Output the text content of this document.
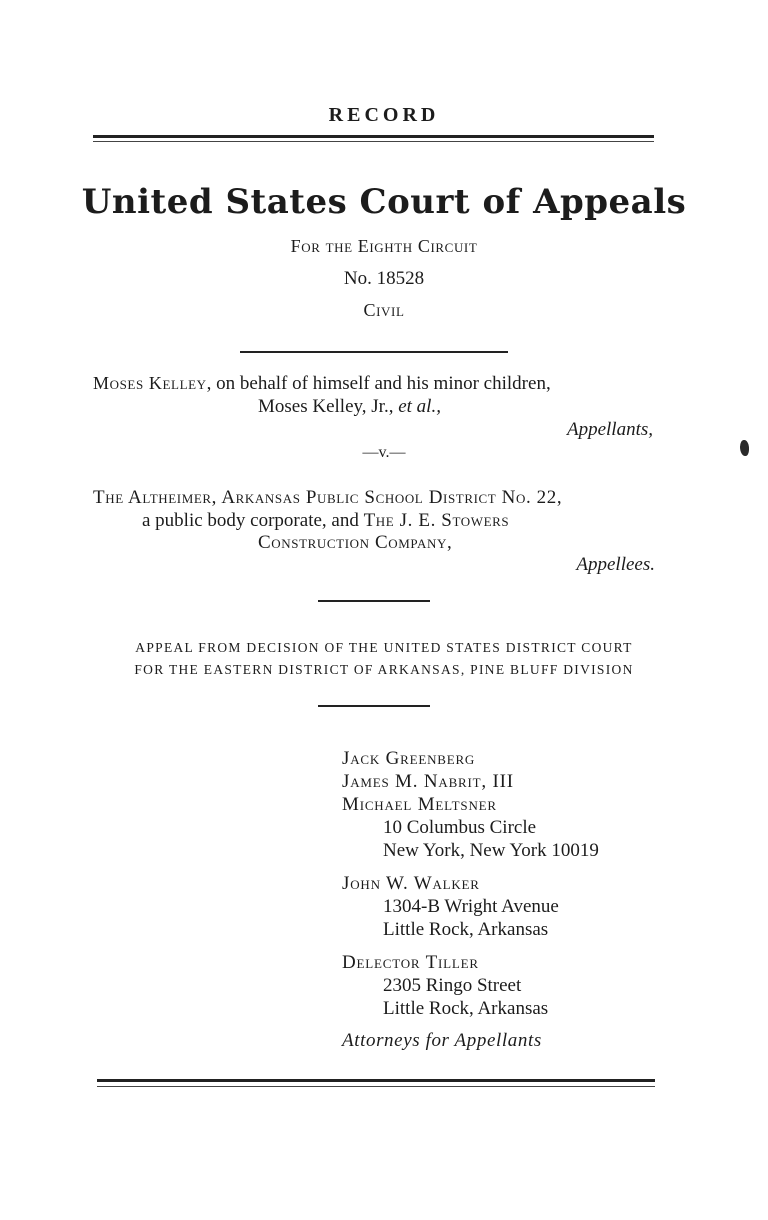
RECORD
United States Court of Appeals
For the Eighth Circuit
No. 18528
Civil
Moses Kelley, on behalf of himself and his minor children,
Moses Kelley, Jr., et al.,
Appellants,
—v.—
The Altheimer, Arkansas Public School District No. 22,
a public body corporate, and The J. E. Stowers
Construction Company,
Appellees.
APPEAL FROM DECISION OF THE UNITED STATES DISTRICT COURT
FOR THE EASTERN DISTRICT OF ARKANSAS, PINE BLUFF DIVISION
Jack Greenberg
James M. Nabrit, III
Michael Meltsner
10 Columbus Circle
New York, New York 10019
John W. Walker
1304-B Wright Avenue
Little Rock, Arkansas
Delector Tiller
2305 Ringo Street
Little Rock, Arkansas
Attorneys for Appellants
